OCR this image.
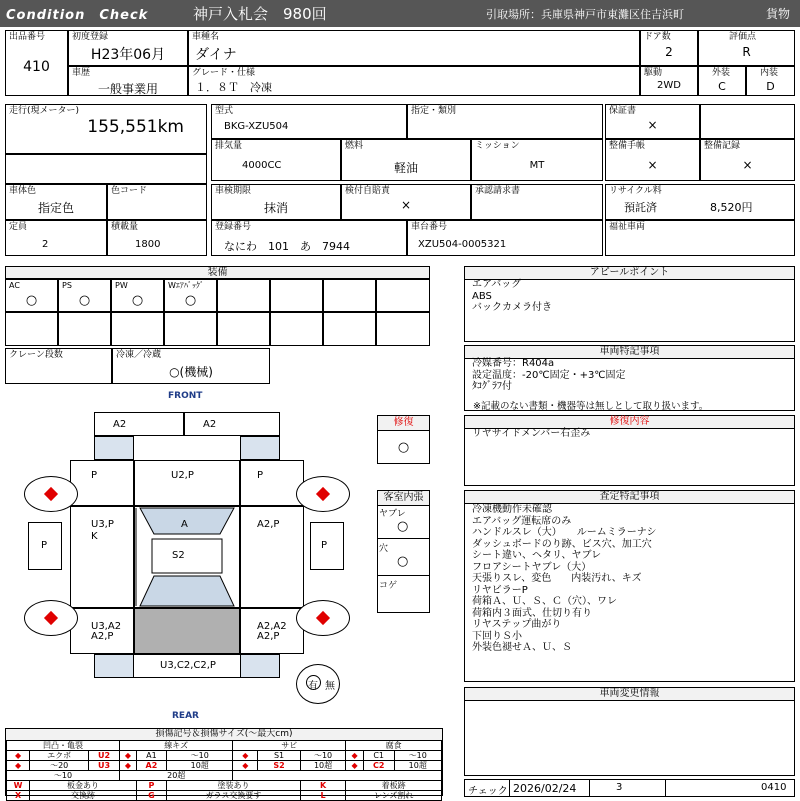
Condition　Check	神戸入札会　980回	引取場所：兵庫県神戸市東灘区住吉浜町	貨物
出品番号
410
初度登録
H23年06月
車種名
ダイナ
ドア数
2
評価点
R
車歴
一般事業用
グレード・仕様
１．８Ｔ　冷凍
駆動
2WD
外装
C
内装
D
走行(現メーター)
155,551km
型式
BKG-XZU504
指定・類別	保証書
×
排気量
4000CC
燃料
軽油
ミッション
MT
整備手帳
×
整備記録
×
車体色
指定色
色コード	車検期限
抹消
検付自賠責
×
承認請求書	リサイクル料
預託済	8,520円
定員
2
積載量
1800
登録番号
なにわ　101　あ　7944
車台番号
XZU504-0005321
福祉車両
装備
AC
○
PS
○
PW
○
Wｴｱﾊﾞｯｸﾞ
○
クレーン段数	冷凍／冷蔵
○(機械)
アピールポイント
エアバッグ
ABS
バックカメラ付き
車両特記事項
冷媒番号：R404a
設定温度：-20℃固定・+3℃固定
ﾀｺｸﾞﾗﾌ付
※記載のない書類・機器等は無しとして取り扱います。
修復内容
リヤサイドメンバー右歪み
査定特記事項
冷凍機動作未確認
エアバッグ運転席のみ
ハンドルスレ（大）　　ルームミラーナシ
ダッシュボードのり跡、ビス穴、加工穴
シート違い、ヘタリ、ヤブレ
フロアシートヤブレ（大）
天張りスレ、変色　　内装汚れ、キズ
リヤビラーP
荷箱Ａ、Ｕ、Ｓ、Ｃ（穴）、ワレ
荷箱内３面式、仕切り有り
リヤステップ曲がり
下回りＳ小
外装色褪せＡ、Ｕ、Ｓ
車両変更情報
修復
○
客室内張
ヤブレ
○
穴
○
コゲ
FRONT
A2	A2
P	U2,P	P
U3,P
K
A2,P
A
S2
P	P
U3,A2
A2,P
A2,A2
A2,P
U3,C2,C2,P
REAR
有 無
損傷記号＆損傷サイズ(〜最大cm)
凹凸・亀裂			線キズ			サビ			腐食		
◆	エクボ	U2	◆	A1	〜10	◆	S1	〜10	◆	C1	〜10
◆	〜20	U3	◆	A2	10超	◆	S2	10超	◆	C2	10超
〜10			20超								
W	板金あり			P	塗装あり			K	着板跡		
X	交換跡			G	ガラス交換要す			L	レンズ割れ			チェック 2026/02/24	3	0410
